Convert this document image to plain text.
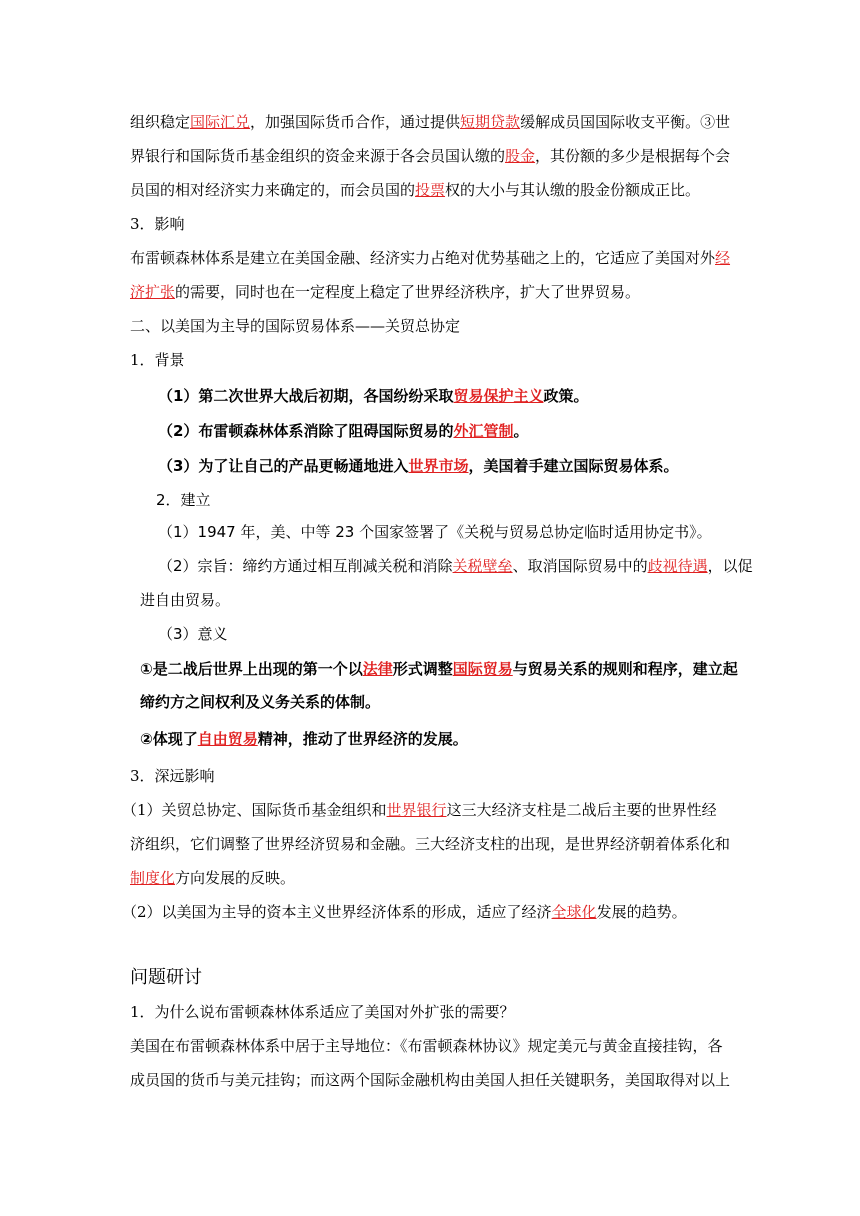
组织稳定国际汇兑，加强国际货币合作，通过提供短期贷款缓解成员国国际收支平衡。③世
界银行和国际货币基金组织的资金来源于各会员国认缴的股金，其份额的多少是根据每个会
员国的相对经济实力来确定的，而会员国的投票权的大小与其认缴的股金份额成正比。
3．影响
布雷顿森林体系是建立在美国金融、经济实力占绝对优势基础之上的，它适应了美国对外经
济扩张的需要，同时也在一定程度上稳定了世界经济秩序，扩大了世界贸易。
二、以美国为主导的国际贸易体系——关贸总协定
1．背景
（1）第二次世界大战后初期，各国纷纷采取贸易保护主义政策。
（2）布雷顿森林体系消除了阻碍国际贸易的外汇管制。
（3）为了让自己的产品更畅通地进入世界市场，美国着手建立国际贸易体系。
2．建立
（1）1947 年，美、中等 23 个国家签署了《关税与贸易总协定临时适用协定书》。
（2）宗旨：缔约方通过相互削减关税和消除关税壁垒、取消国际贸易中的歧视待遇，以促
进自由贸易。
（3）意义
①是二战后世界上出现的第一个以法律形式调整国际贸易与贸易关系的规则和程序，建立起
缔约方之间权利及义务关系的体制。
②体现了自由贸易精神，推动了世界经济的发展。
3．深远影响
（1）关贸总协定、国际货币基金组织和世界银行这三大经济支柱是二战后主要的世界性经
济组织，它们调整了世界经济贸易和金融。三大经济支柱的出现，是世界经济朝着体系化和
制度化方向发展的反映。
（2）以美国为主导的资本主义世界经济体系的形成，适应了经济全球化发展的趋势。
问题研讨
1．为什么说布雷顿森林体系适应了美国对外扩张的需要？
美国在布雷顿森林体系中居于主导地位：《布雷顿森林协议》规定美元与黄金直接挂钩，各
成员国的货币与美元挂钩；而这两个国际金融机构由美国人担任关键职务，美国取得对以上
